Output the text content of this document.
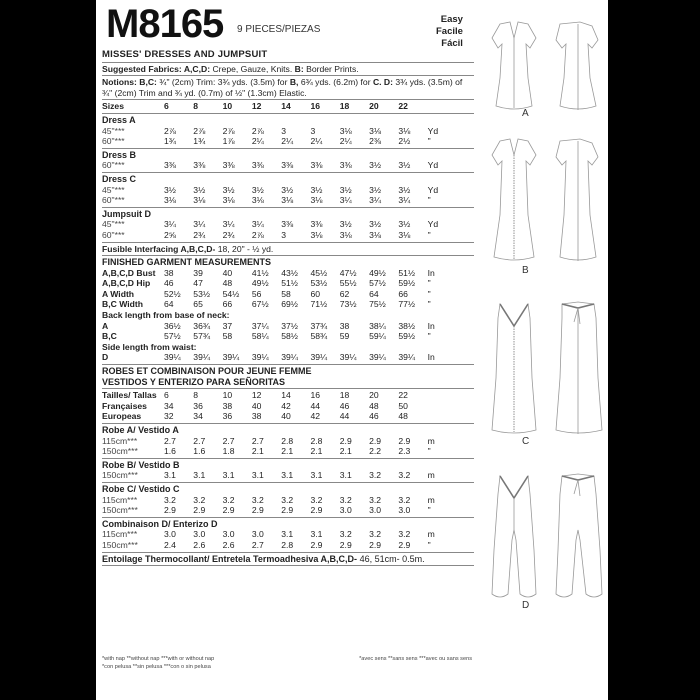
M8165 9 PIECES/PIEZAS
Easy
Facile
Fácil
MISSES' DRESSES AND JUMPSUIT
Suggested Fabrics: A,C,D: Crepe, Gauze, Knits. B: Border Prints.
Notions: B,C: ¾" (2cm) Trim: 3¾ yds. (3.5m) for B, 6¾ yds. (6.2m) for C. D: 3¾ yds. (3.5m) of ¾" (2cm) Trim and ¾ yd. (0.7m) of ½" (1.3cm) Elastic.
Sizes	6	8	10	12	14	16	18	20	22
Dress A
45"***	2⅞	2⅞	2⅞	2⅞	3	3	3⅛	3⅛	3⅛	Yd
60"***	1¾	1¾	1⅞	2¼	2¼	2¼	2¼	2⅜	2½	"
Dress B
60"***	3⅜	3⅜	3⅜	3⅜	3⅜	3⅜	3⅜	3½	3½	Yd
Dress C
45"***	3½	3½	3½	3½	3½	3½	3½	3½	3½	Yd
60"***	3⅛	3⅛	3⅛	3⅛	3⅛	3⅛	3¼	3¼	3¼	"
Jumpsuit D
45"***	3¼	3¼	3¼	3¼	3⅜	3⅜	3½	3½	3½	Yd
60"***	2⅝	2¾	2¾	2⅞	3	3⅛	3⅛	3⅛	3⅛	"
Fusible Interfacing A,B,C,D- 18, 20" - ½ yd.
FINISHED GARMENT MEASUREMENTS
A,B,C,D Bust 38	39	40	41½	43½	45½	47½	49½	51½	In
A,B,C,D Hip	46	47	48	49½	51½	53½	55½	57½	59½	"
A Width	52½	53½	54½	56	58	60	62	64	66	"
B,C Width	64	65	66	67½	69½	71½	73½	75½	77½	"
Back length from base of neck:
A	36½	36¾	37	37¼	37½	37¾	38	38¼	38½	In
B,C	57½	57¾	58	58¼	58½	58¾	59	59¼	59½	"
Side length from waist:
D	39¼	39¼	39¼	39¼	39¼	39¼	39¼	39¼	39¼	In
ROBES ET COMBINAISON POUR JEUNE FEMME
VESTIDOS Y ENTERIZO PARA SEÑORITAS
Tailles/ Tallas 6	8	10	12	14	16	18	20	22
Françaises	34	36	38	40	42	44	46	48	50
Europeas	32	34	36	38	40	42	44	46	48
Robe A/ Vestido A
115cm***	2.7	2.7	2.7	2.7	2.8	2.8	2.9	2.9	2.9	m
150cm***	1.6	1.6	1.8	2.1	2.1	2.1	2.1	2.2	2.3	"
Robe B/ Vestido B
150cm***	3.1	3.1	3.1	3.1	3.1	3.1	3.1	3.2	3.2	m
Robe C/ Vestido C
115cm***	3.2	3.2	3.2	3.2	3.2	3.2	3.2	3.2	3.2	m
150cm***	2.9	2.9	2.9	2.9	2.9	2.9	3.0	3.0	3.0	"
Combinaison D/ Enterizo D
115cm***	3.0	3.0	3.0	3.0	3.1	3.1	3.2	3.2	3.2	m
150cm***	2.4	2.6	2.6	2.7	2.8	2.9	2.9	2.9	2.9	"
Entoilage Thermocollant/ Entretela Termoadhesiva A,B,C,D- 46, 51cm- 0.5m.
*with nap **without nap ***with or without nap
*con pelusa **sin pelusa ***con o sin pelusa
*avec sens **sans sens ***avec ou sans sens
A
B
C
D
